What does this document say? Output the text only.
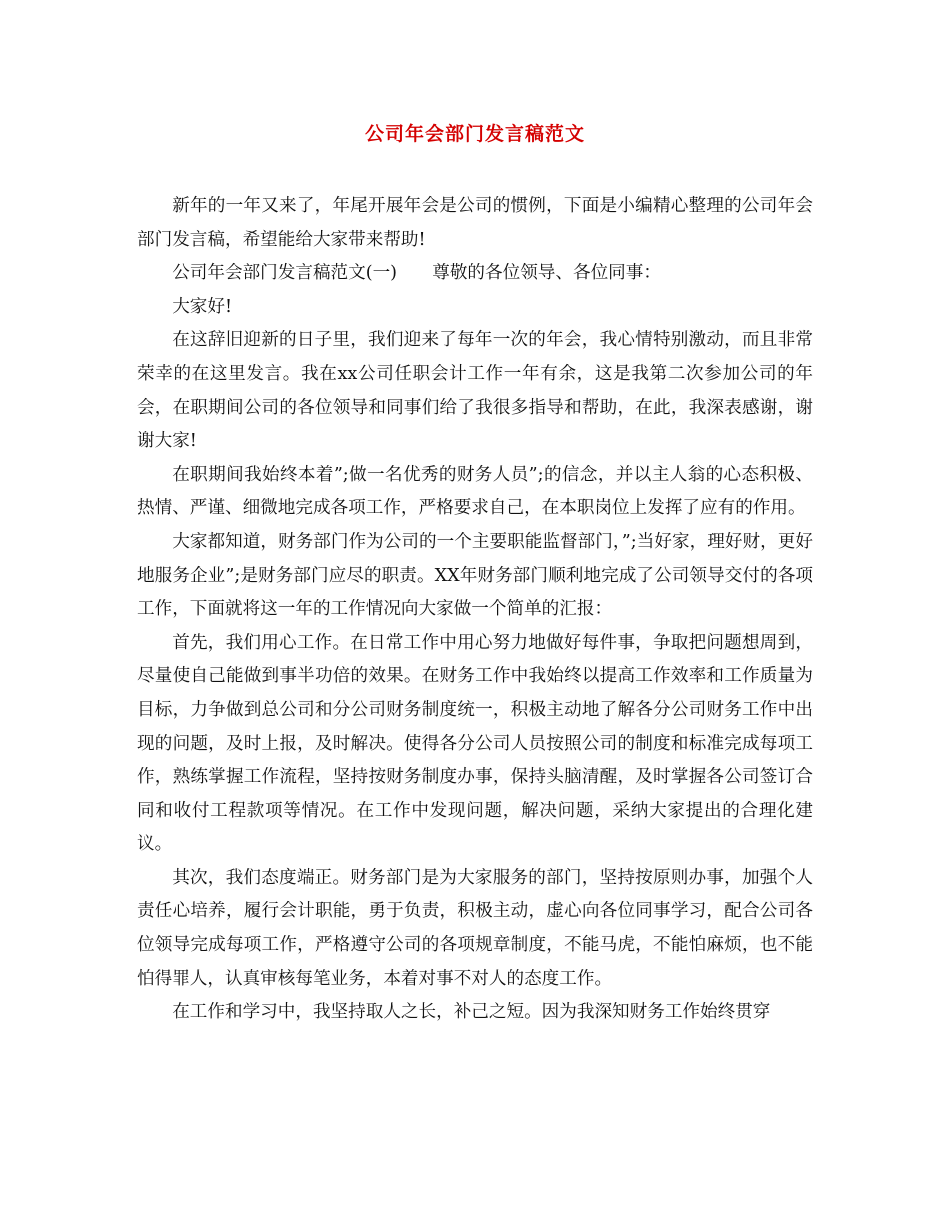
公司年会部门发言稿范文

新年的一年又来了，年尾开展年会是公司的惯例，下面是小编精心整理的公司年会部门发言稿，希望能给大家带来帮助!

公司年会部门发言稿范文(一)　　尊敬的各位领导、各位同事：

大家好!

在这辞旧迎新的日子里，我们迎来了每年一次的年会，我心情特别激动，而且非常荣幸的在这里发言。我在xx公司任职会计工作一年有余，这是我第二次参加公司的年会，在职期间公司的各位领导和同事们给了我很多指导和帮助，在此，我深表感谢，谢谢大家!

在职期间我始终本着”;做一名优秀的财务人员”;的信念，并以主人翁的心态积极、热情、严谨、细微地完成各项工作，严格要求自己，在本职岗位上发挥了应有的作用。

大家都知道，财务部门作为公司的一个主要职能监督部门，”;当好家，理好财，更好地服务企业”;是财务部门应尽的职责。XX年财务部门顺利地完成了公司领导交付的各项工作，下面就将这一年的工作情况向大家做一个简单的汇报：

首先，我们用心工作。在日常工作中用心努力地做好每件事，争取把问题想周到，尽量使自己能做到事半功倍的效果。在财务工作中我始终以提高工作效率和工作质量为目标，力争做到总公司和分公司财务制度统一，积极主动地了解各分公司财务工作中出现的问题，及时上报，及时解决。使得各分公司人员按照公司的制度和标准完成每项工作，熟练掌握工作流程，坚持按财务制度办事，保持头脑清醒，及时掌握各公司签订合同和收付工程款项等情况。在工作中发现问题，解决问题，采纳大家提出的合理化建议。

其次，我们态度端正。财务部门是为大家服务的部门，坚持按原则办事，加强个人责任心培养，履行会计职能，勇于负责，积极主动，虚心向各位同事学习，配合公司各位领导完成每项工作，严格遵守公司的各项规章制度，不能马虎，不能怕麻烦，也不能怕得罪人，认真审核每笔业务，本着对事不对人的态度工作。

在工作和学习中，我坚持取人之长，补己之短。因为我深知财务工作始终贯穿
